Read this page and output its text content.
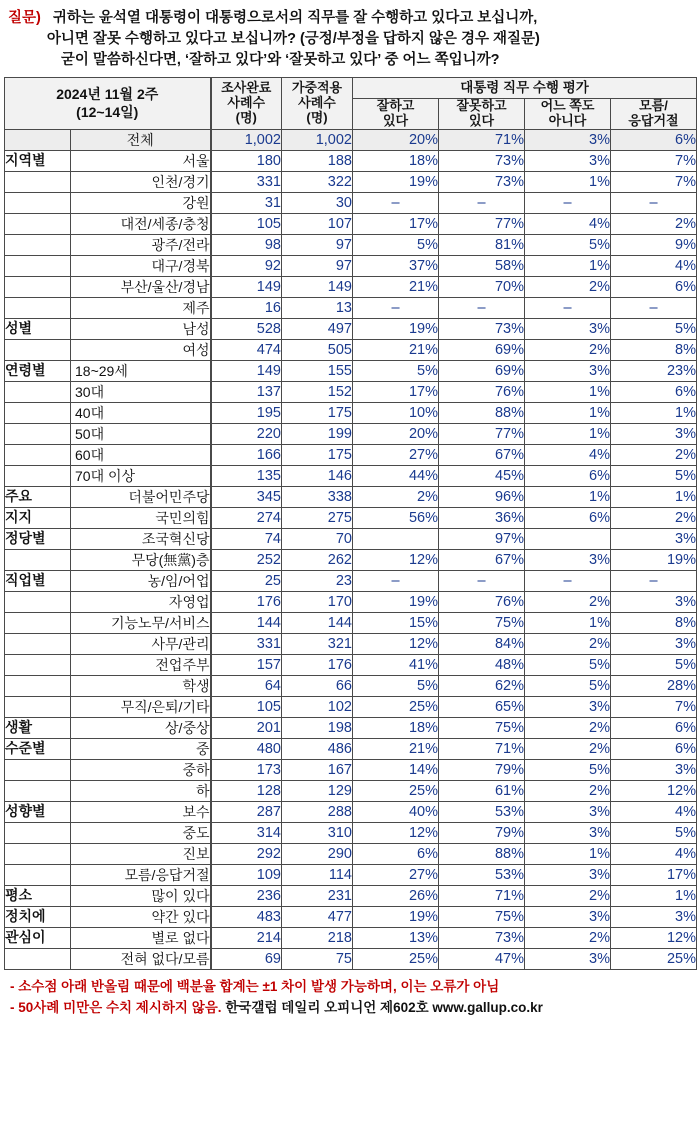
질문) 귀하는 윤석열 대통령이 대통령으로서의 직무를 잘 수행하고 있다고 보십니까,
아니면 잘못 수행하고 있다고 보십니까? (긍정/부정을 답하지 않은 경우 재질문)
굳이 말씀하신다면, ‘잘하고 있다’와 ‘잘못하고 있다’ 중 어느 쪽입니까?
2024년 11월 2주
(12~14일)

조사완료
사례수
(명)

가중적용
사례수
(명)
	대통령 직무 수행 평가

잘하고
있다

잘못하고
있다

어느 쪽도
아니다

모름/
응답거절

	전체	1,002	1,002	20%	71%	3%	6%
지역별	서울	180	188	18%	73%	3%	7%
	인천/경기	331	322	19%	73%	1%	7%
	강원	31	30	–	–	–	–
	대전/세종/충청	105	107	17%	77%	4%	2%
	광주/전라	98	97	5%	81%	5%	9%
	대구/경북	92	97	37%	58%	1%	4%
	부산/울산/경남	149	149	21%	70%	2%	6%
	제주	16	13	–	–	–	–
성별	남성	528	497	19%	73%	3%	5%
	여성	474	505	21%	69%	2%	8%
연령별	18~29세	149	155	5%	69%	3%	23%
	30대	137	152	17%	76%	1%	6%
	40대	195	175	10%	88%	1%	1%
	50대	220	199	20%	77%	1%	3%
	60대	166	175	27%	67%	4%	2%
	70대 이상	135	146	44%	45%	6%	5%
주요	더불어민주당	345	338	2%	96%	1%	1%
지지	국민의힘	274	275	56%	36%	6%	2%
정당별	조국혁신당	74	70		97%		3%
	무당(無黨)층	252	262	12%	67%	3%	19%
직업별	농/임/어업	25	23	–	–	–	–
	자영업	176	170	19%	76%	2%	3%
	기능노무/서비스	144	144	15%	75%	1%	8%
	사무/관리	331	321	12%	84%	2%	3%
	전업주부	157	176	41%	48%	5%	5%
	학생	64	66	5%	62%	5%	28%
	무직/은퇴/기타	105	102	25%	65%	3%	7%
생활	상/중상	201	198	18%	75%	2%	6%
수준별	중	480	486	21%	71%	2%	6%
	중하	173	167	14%	79%	5%	3%
	하	128	129	25%	61%	2%	12%
성향별	보수	287	288	40%	53%	3%	4%
	중도	314	310	12%	79%	3%	5%
	진보	292	290	6%	88%	1%	4%
	모름/응답거절	109	114	27%	53%	3%	17%
평소	많이 있다	236	231	26%	71%	2%	1%
정치에	약간 있다	483	477	19%	75%	3%	3%
관심이	별로 없다	214	218	13%	73%	2%	12%
	전혀 없다/모름	69	75	25%	47%	3%	25%
- 소수점 아래 반올림 때문에 백분율 합계는 ±1 차이 발생 가능하며, 이는 오류가 아님
- 50사례 미만은 수치 제시하지 않음. 한국갤럽 데일리 오피니언 제602호 www.gallup.co.kr
